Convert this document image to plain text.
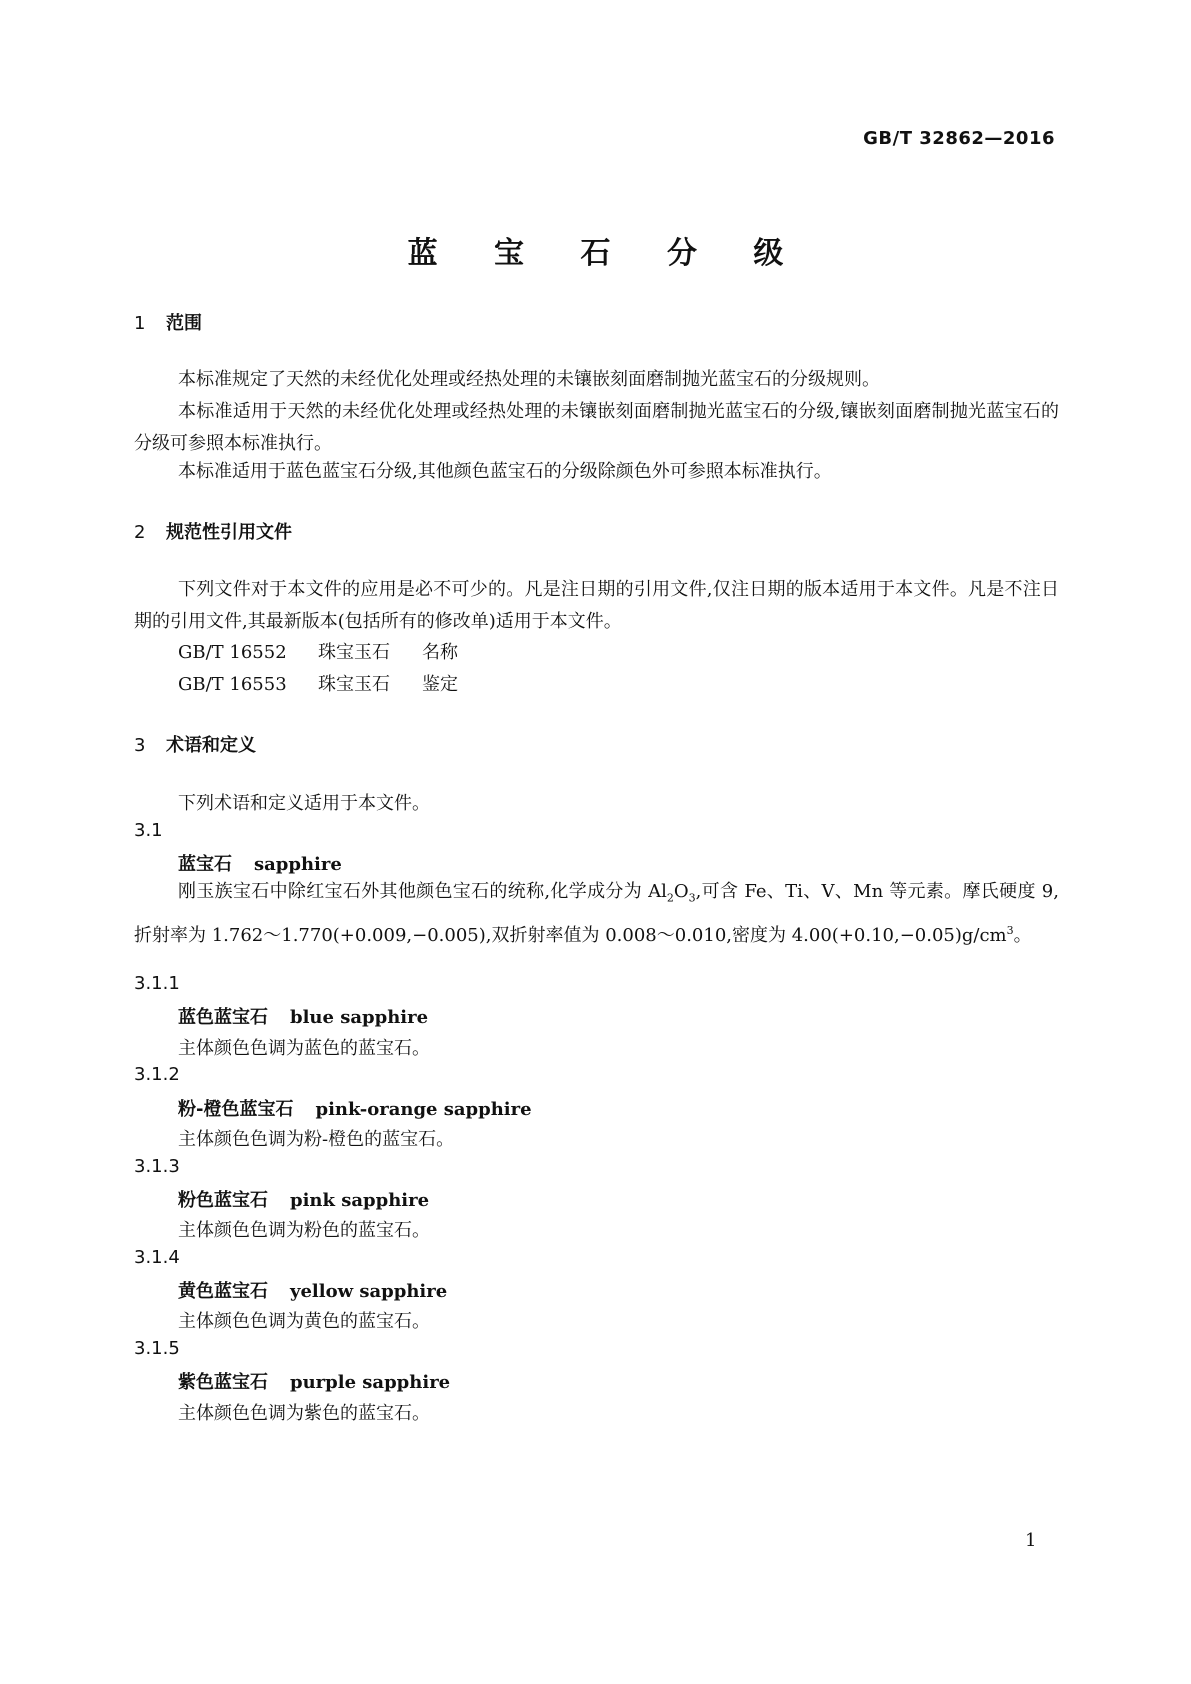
GB/T 32862—2016
蓝 宝 石 分 级
1 范围
本标准规定了天然的未经优化处理或经热处理的未镶嵌刻面磨制抛光蓝宝石的分级规则。
本标准适用于天然的未经优化处理或经热处理的未镶嵌刻面磨制抛光蓝宝石的分级,镶嵌刻面磨制抛光蓝宝石的分级可参照本标准执行。
本标准适用于蓝色蓝宝石分级,其他颜色蓝宝石的分级除颜色外可参照本标准执行。
2 规范性引用文件
下列文件对于本文件的应用是必不可少的。凡是注日期的引用文件,仅注日期的版本适用于本文件。凡是不注日期的引用文件,其最新版本(包括所有的修改单)适用于本文件。
GB/T 16552 珠宝玉石 名称
GB/T 16553 珠宝玉石 鉴定
3 术语和定义
下列术语和定义适用于本文件。
3.1
蓝宝石 sapphire
刚玉族宝石中除红宝石外其他颜色宝石的统称,化学成分为 $Al_2O_3$,可含 Fe、Ti、V、Mn 等元素。摩氏硬度 9,折射率为 1.762～1.770(+0.009,−0.005),双折射率值为 0.008～0.010,密度为 $4.00(+0.10,-0.05)g/cm^3$。
3.1.1
蓝色蓝宝石 blue sapphire
主体颜色色调为蓝色的蓝宝石。
3.1.2
粉-橙色蓝宝石 pink-orange sapphire
主体颜色色调为粉-橙色的蓝宝石。
3.1.3
粉色蓝宝石 pink sapphire
主体颜色色调为粉色的蓝宝石。
3.1.4
黄色蓝宝石 yellow sapphire
主体颜色色调为黄色的蓝宝石。
3.1.5
紫色蓝宝石 purple sapphire
主体颜色色调为紫色的蓝宝石。
1
